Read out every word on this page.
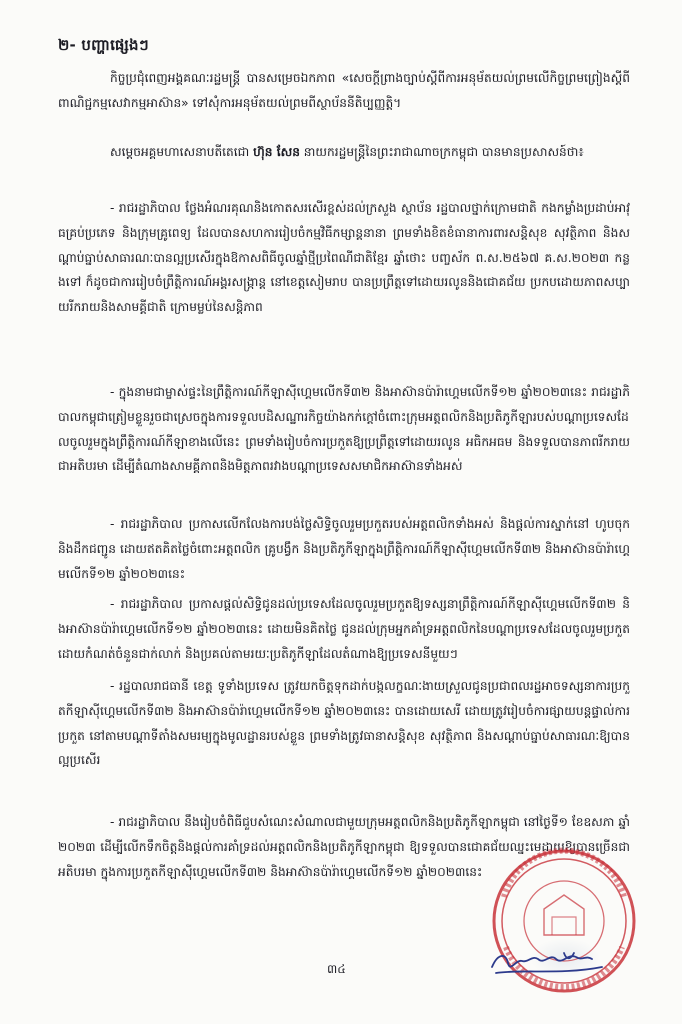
២- បញ្ហាផ្សេងៗ

កិច្ចប្រជុំពេញអង្គគណៈរដ្ឋមន្ត្រី បានសម្រេចឯកភាព «សេចក្តីព្រាងច្បាប់ស្តីពីការអនុម័តយល់ព្រមលើកិច្ចព្រមព្រៀងស្តីពីពាណិជ្ជកម្មសេវាកម្មអាស៊ាន» ទៅសុំការអនុម័តយល់ព្រមពីស្ថាប័ននីតិប្បញ្ញត្តិ។

សម្តេចអគ្គមហាសេនាបតីតេជោ ហ៊ុន សែន នាយករដ្ឋមន្ត្រីនៃព្រះរាជាណាចក្រកម្ពុជា បានមានប្រសាសន៍ថា៖

- រាជរដ្ឋាភិបាល ថ្លែងអំណរគុណនិងកោតសរសើរខ្ពស់ដល់ក្រសួង ស្ថាប័ន រដ្ឋបាលថ្នាក់ក្រោមជាតិ កងកម្លាំងប្រដាប់អាវុធគ្រប់ប្រភេទ និងក្រុមគ្រូពេទ្យ ដែលបានសហការរៀបចំកម្មវិធីកម្សាន្តនានា ព្រមទាំងខិតខំធានាការពារសន្តិសុខ សុវត្ថិភាព និងសណ្តាប់ធ្នាប់សាធារណៈបានល្អប្រសើរក្នុងឱកាសពិធីចូលឆ្នាំថ្មីប្រពៃណីជាតិខ្មែរ ឆ្នាំថោះ បញ្ចស័ក ព.ស.២៥៦៧ គ.ស.២០២៣ កន្លងទៅ ក៏ដូចជាការរៀបចំព្រឹត្តិការណ៍អង្គរសង្ក្រាន្ត នៅខេត្តសៀមរាប បានប្រព្រឹត្តទៅដោយរលូននិងជោគជ័យ ប្រកបដោយភាពសប្បាយរីករាយនិងសាមគ្គីជាតិ ក្រោមម្លប់នៃសន្តិភាព

- ក្នុងនាមជាម្ចាស់ផ្ទះនៃព្រឹត្តិការណ៍កីឡាស៊ីហ្គេមលើកទី៣២ និងអាស៊ានប៉ារ៉ាហ្គេមលើកទី១២ ឆ្នាំ២០២៣នេះ រាជរដ្ឋាភិបាលកម្ពុជាត្រៀមខ្លួនរួចជាស្រេចក្នុងការទទួលបដិសណ្ឋារកិច្ចយ៉ាងកក់ក្តៅចំពោះក្រុមអត្តពលិកនិងប្រតិភូកីឡារបស់បណ្តាប្រទេសដែលចូលរួមក្នុងព្រឹត្តិការណ៍កីឡាខាងលើនេះ ព្រមទាំងរៀបចំការប្រកួតឱ្យប្រព្រឹត្តទៅដោយរលូន អធិកអធម និងទទួលបានភាពរីករាយជាអតិបរមា ដើម្បីតំណាងសាមគ្គីភាពនិងមិត្តភាពរវាងបណ្តាប្រទេសសមាជិកអាស៊ានទាំងអស់

- រាជរដ្ឋាភិបាល ប្រកាសលើកលែងការបង់ថ្លៃសិទ្ធិចូលរួមប្រកួតរបស់អត្តពលិកទាំងអស់ និងផ្តល់ការស្នាក់នៅ ហូបចុក និងដឹកជញ្ជូន ដោយឥតគិតថ្លៃចំពោះអត្តពលិក គ្រូបង្វឹក និងប្រតិភូកីឡាក្នុងព្រឹត្តិការណ៍កីឡាស៊ីហ្គេមលើកទី៣២ និងអាស៊ានប៉ារ៉ាហ្គេមលើកទី១២ ឆ្នាំ២០២៣នេះ

- រាជរដ្ឋាភិបាល ប្រកាសផ្តល់សិទ្ធិជូនដល់ប្រទេសដែលចូលរួមប្រកួតឱ្យទស្សនាព្រឹត្តិការណ៍កីឡាស៊ីហ្គេមលើកទី៣២ និងអាស៊ានប៉ារ៉ាហ្គេមលើកទី១២ ឆ្នាំ២០២៣នេះ ដោយមិនគិតថ្លៃ ជូនដល់ក្រុមអ្នកគាំទ្រអត្តពលិកនៃបណ្តាប្រទេសដែលចូលរួមប្រកួត ដោយកំណត់ចំនួនជាក់លាក់ និងប្រគល់តាមរយៈប្រតិភូកីឡាដែលតំណាងឱ្យប្រទេសនីមួយៗ

- រដ្ឋបាលរាជធានី ខេត្ត ទូទាំងប្រទេស ត្រូវយកចិត្តទុកដាក់បង្កលក្ខណៈងាយស្រួលជូនប្រជាពលរដ្ឋអាចទស្សនាការប្រកួតកីឡាស៊ីហ្គេមលើកទី៣២ និងអាស៊ានប៉ារ៉ាហ្គេមលើកទី១២ ឆ្នាំ២០២៣នេះ បានដោយសេរី ដោយត្រូវរៀបចំការផ្សាយបន្តផ្ទាល់ការប្រកួត នៅតាមបណ្តាទីតាំងសមរម្យក្នុងមូលដ្ឋានរបស់ខ្លួន ព្រមទាំងត្រូវធានាសន្តិសុខ សុវត្ថិភាព និងសណ្តាប់ធ្នាប់សាធារណៈឱ្យបានល្អប្រសើរ

- រាជរដ្ឋាភិបាល នឹងរៀបចំពិធីជួបសំណេះសំណាលជាមួយក្រុមអត្តពលិកនិងប្រតិភូកីឡាកម្ពុជា នៅថ្ងៃទី១ ខែឧសភា ឆ្នាំ២០២៣ ដើម្បីលើកទឹកចិត្តនិងផ្តល់ការគាំទ្រដល់អត្តពលិកនិងប្រតិភូកីឡាកម្ពុជា ឱ្យទទួលបានជោគជ័យឈ្នះមេដាយឱ្យបានច្រើនជាអតិបរមា ក្នុងការប្រកួតកីឡាស៊ីហ្គេមលើកទី៣២ និងអាស៊ានប៉ារ៉ាហ្គេមលើកទី១២ ឆ្នាំ២០២៣នេះ

៣៤
